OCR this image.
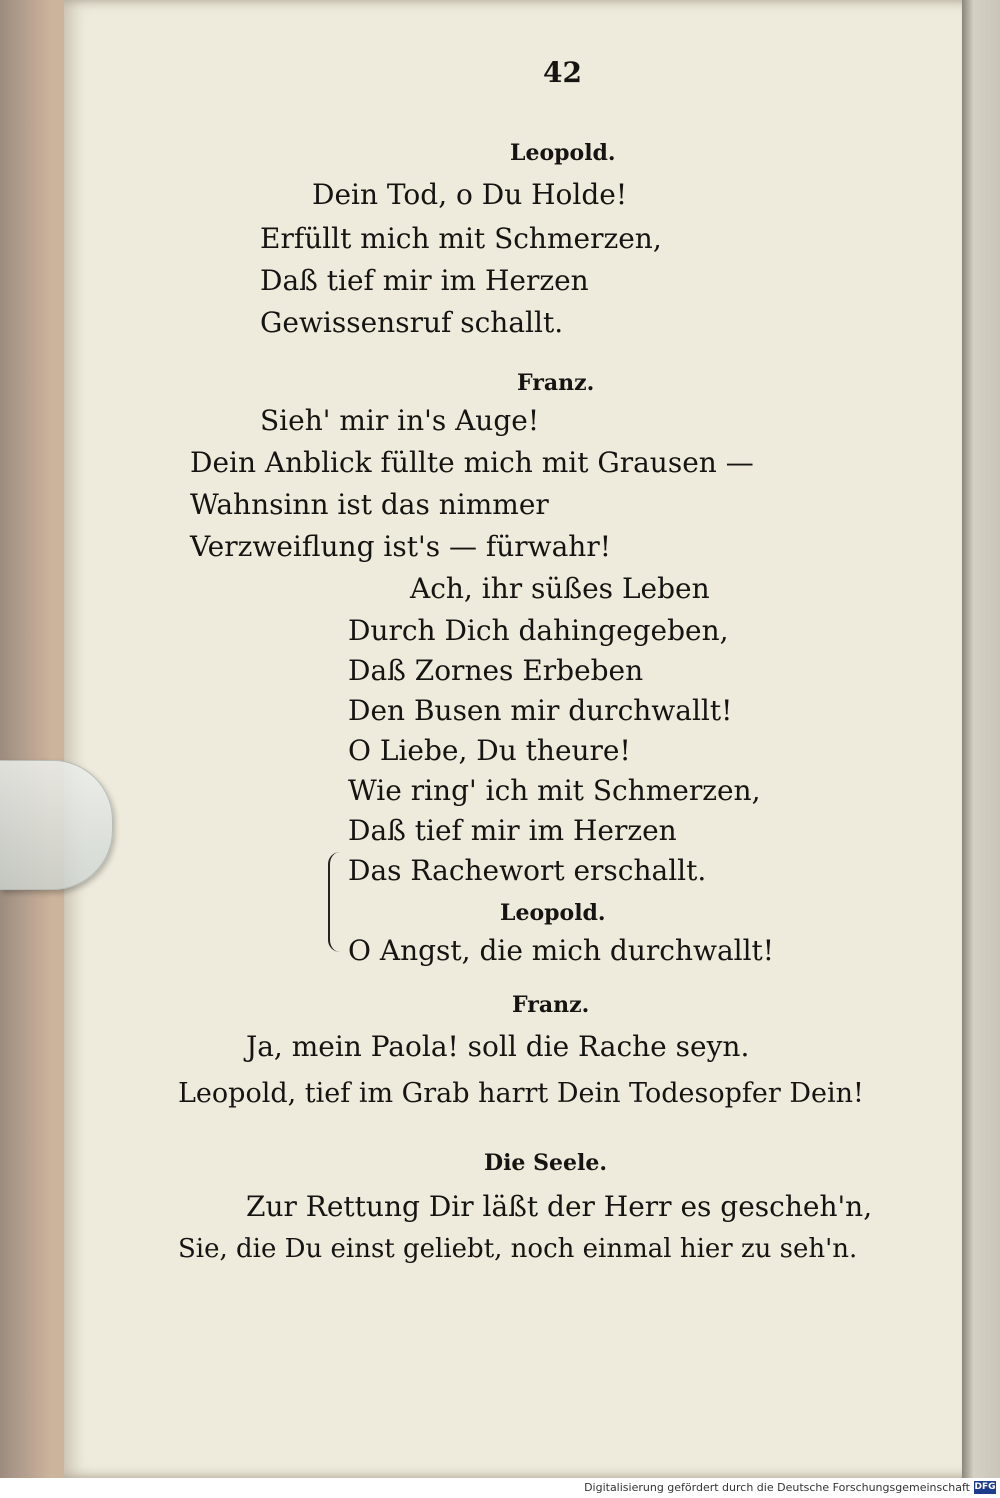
42
Leopold.
Dein Tod, o Du Holde!
Erfüllt mich mit Schmerzen,
Daß tief mir im Herzen
Gewissensruf schallt.
Franz.
Sieh' mir in's Auge!
Dein Anblick füllte mich mit Grausen —
Wahnsinn ist das nimmer
Verzweiflung ist's — fürwahr!
Ach, ihr süßes Leben
Durch Dich dahingegeben,
Daß Zornes Erbeben
Den Busen mir durchwallt!
O Liebe, Du theure!
Wie ring' ich mit Schmerzen,
Daß tief mir im Herzen
Das Rachewort erschallt.
Leopold.
O Angst, die mich durchwallt!
Franz.
Ja, mein Paola! soll die Rache seyn.
Leopold, tief im Grab harrt Dein Todesopfer Dein!
Die Seele.
Zur Rettung Dir läßt der Herr es gescheh'n,
Sie, die Du einst geliebt, noch einmal hier zu seh'n.
Digitalisierung gefördert durch die Deutsche Forschungsgemeinschaft DFG
